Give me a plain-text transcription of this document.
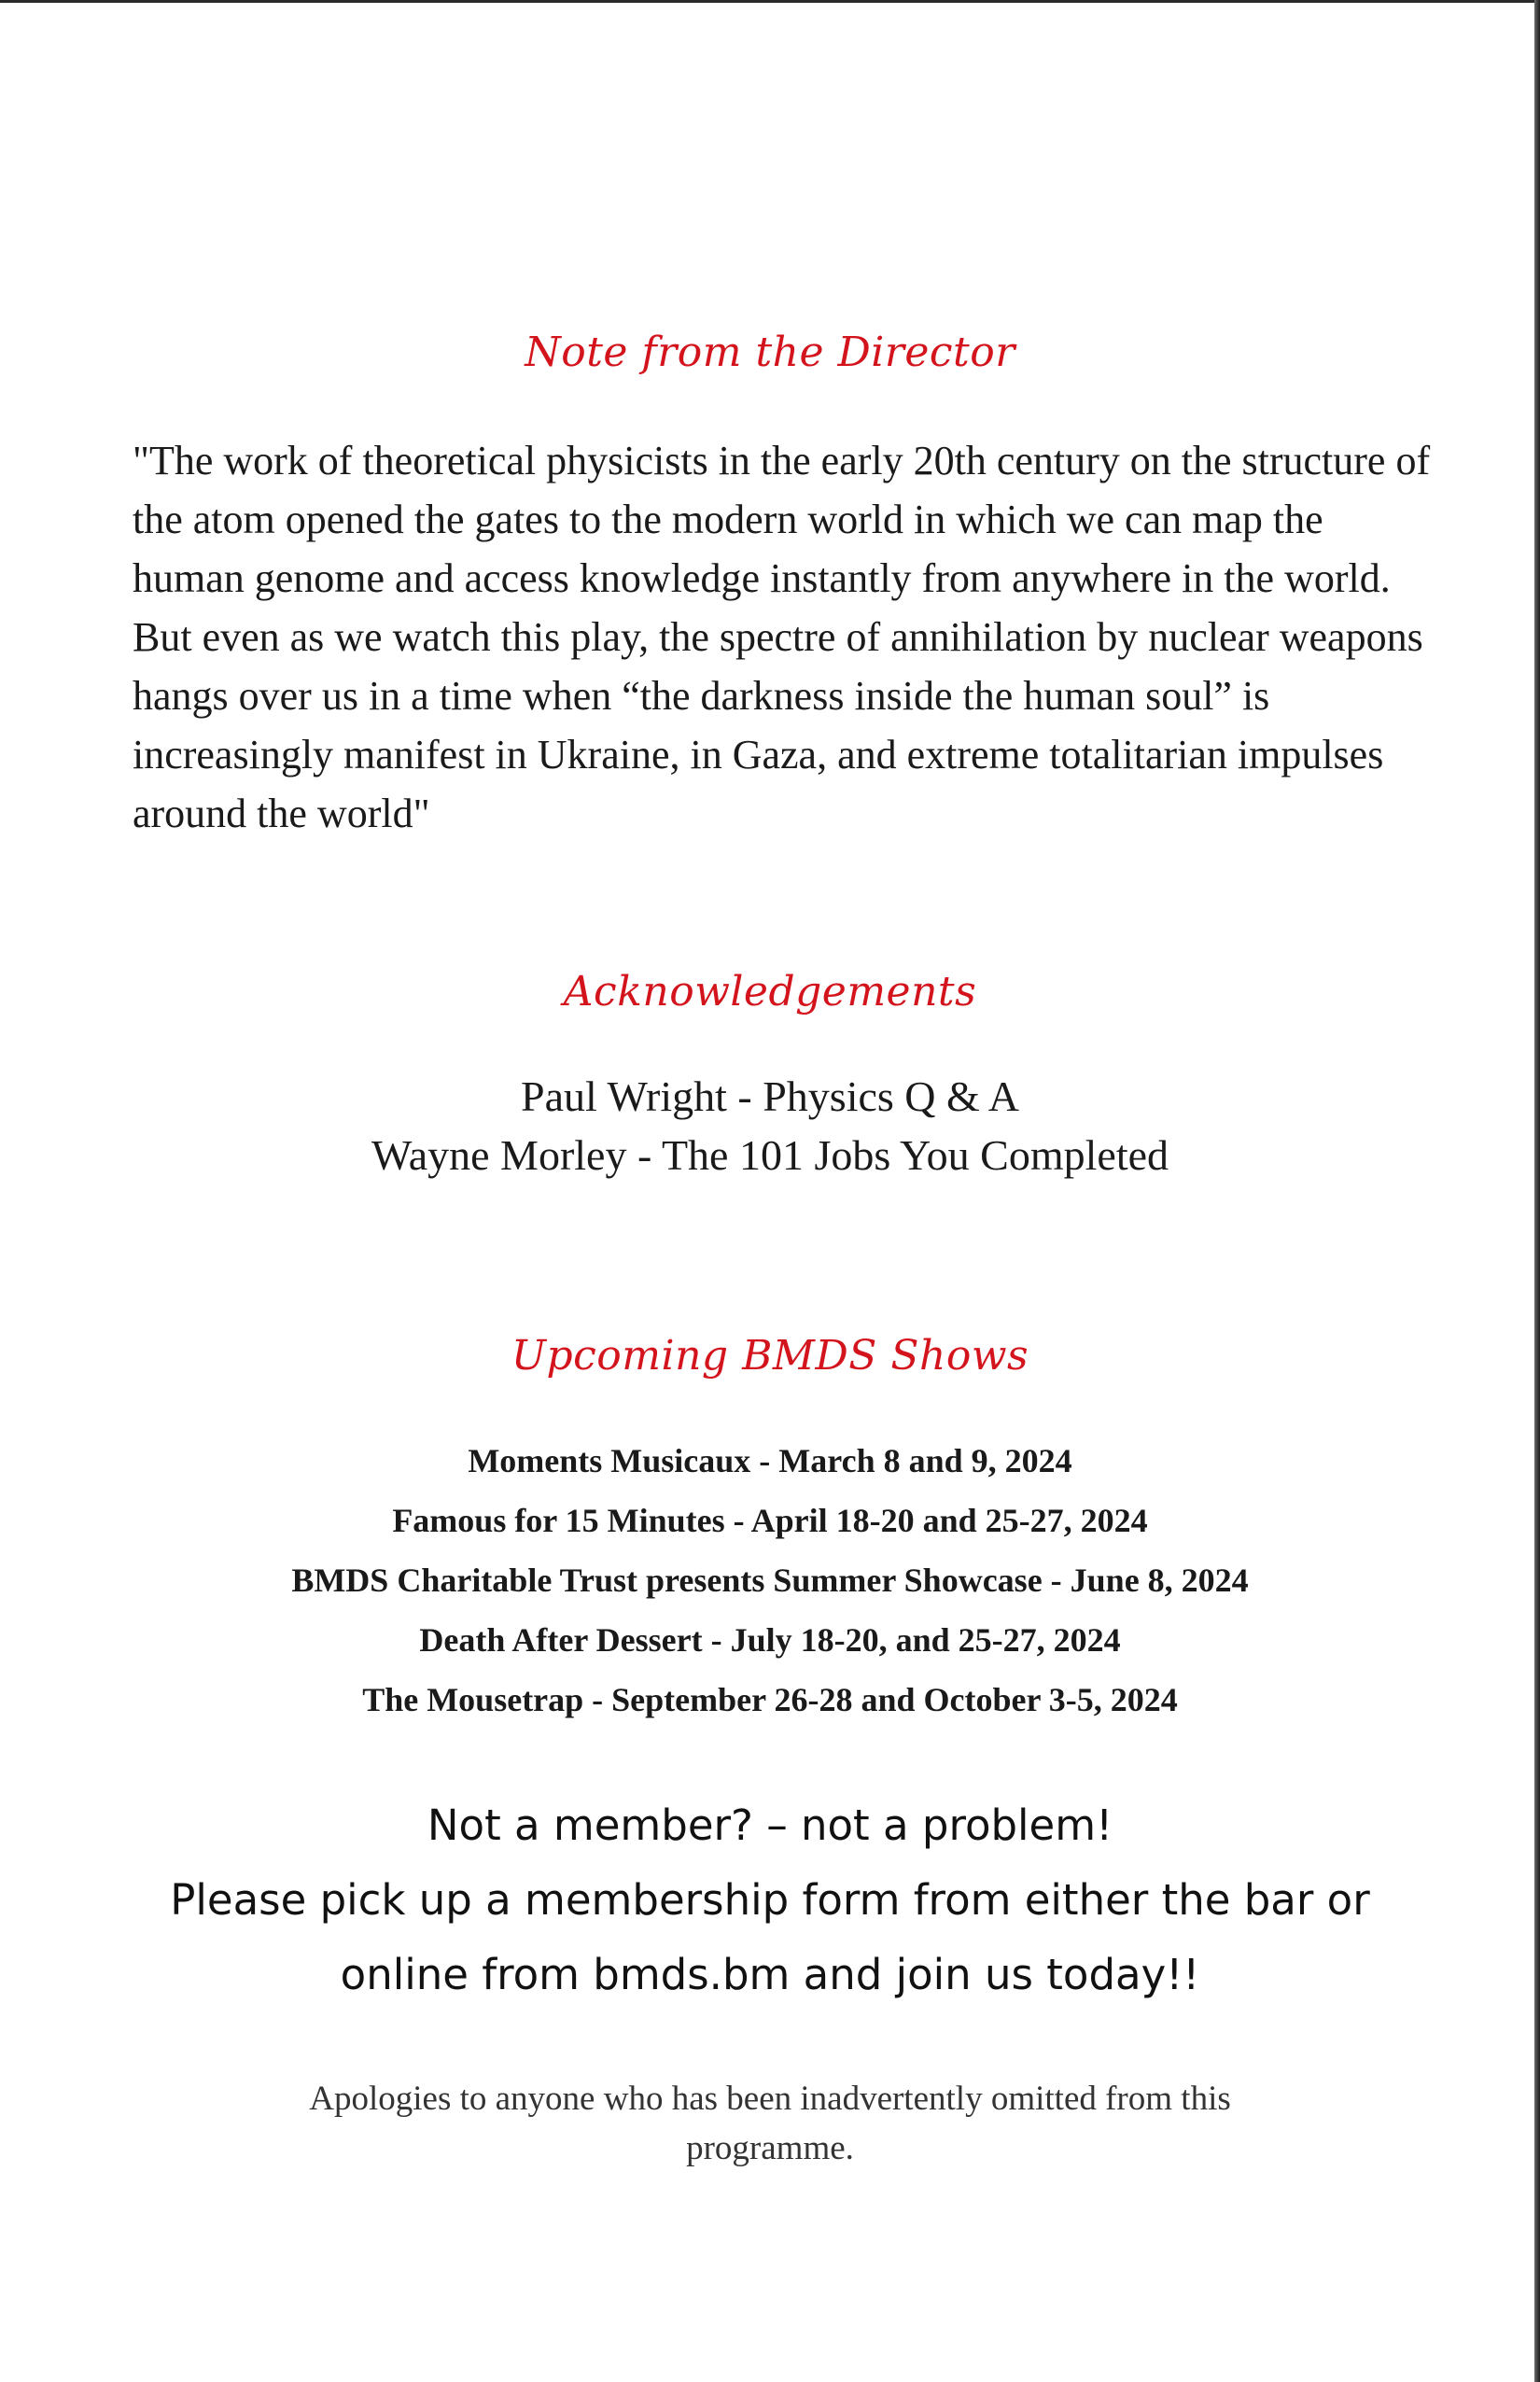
Note from the Director

"The work of theoretical physicists in the early 20th century on the structure of the atom opened the gates to the modern world in which we can map the human genome and access knowledge instantly from anywhere in the world. But even as we watch this play, the spectre of annihilation by nuclear weapons hangs over us in a time when “the darkness inside the human soul” is increasingly manifest in Ukraine, in Gaza, and extreme totalitarian impulses around the world"

Acknowledgements
Paul Wright - Physics Q & A
Wayne Morley - The 101 Jobs You Completed
Upcoming BMDS Shows
Moments Musicaux - March 8 and 9, 2024
Famous for 15 Minutes - April 18-20 and 25-27, 2024
BMDS Charitable Trust presents Summer Showcase - June 8, 2024
Death After Dessert - July 18-20, and 25-27, 2024
The Mousetrap - September 26-28 and October 3-5, 2024
Not a member? – not a problem!
Please pick up a membership form from either the bar or
online from bmds.bm and join us today!!
Apologies to anyone who has been inadvertently omitted from this
programme.
